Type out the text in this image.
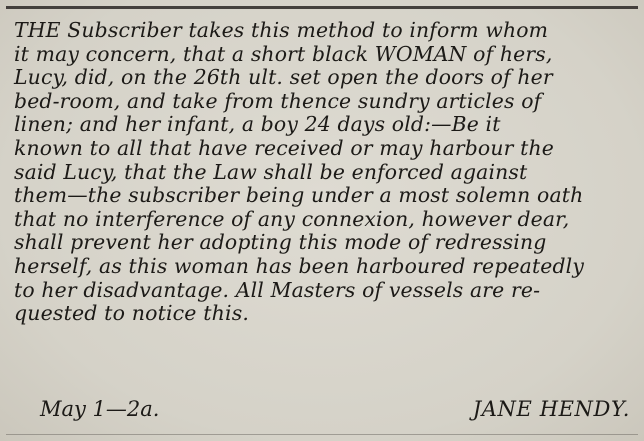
THE Subscriber takes this method to inform whom
it may concern, that a short black WOMAN of hers,
Lucy, did, on the 26th ult. set open the doors of her
bed-room, and take from thence sundry articles of
linen; and her infant, a boy 24 days old:—Be it
known to all that have received or may harbour the
said Lucy, that the Law shall be enforced against
them—the subscriber being under a most solemn oath
that no interference of any connexion, however dear,
shall prevent her adopting this mode of redressing
herself, as this woman has been harboured repeatedly
to her disadvantage. All Masters of vessels are re-
quested to notice this.
May 1—2a.	JANE HENDY.
